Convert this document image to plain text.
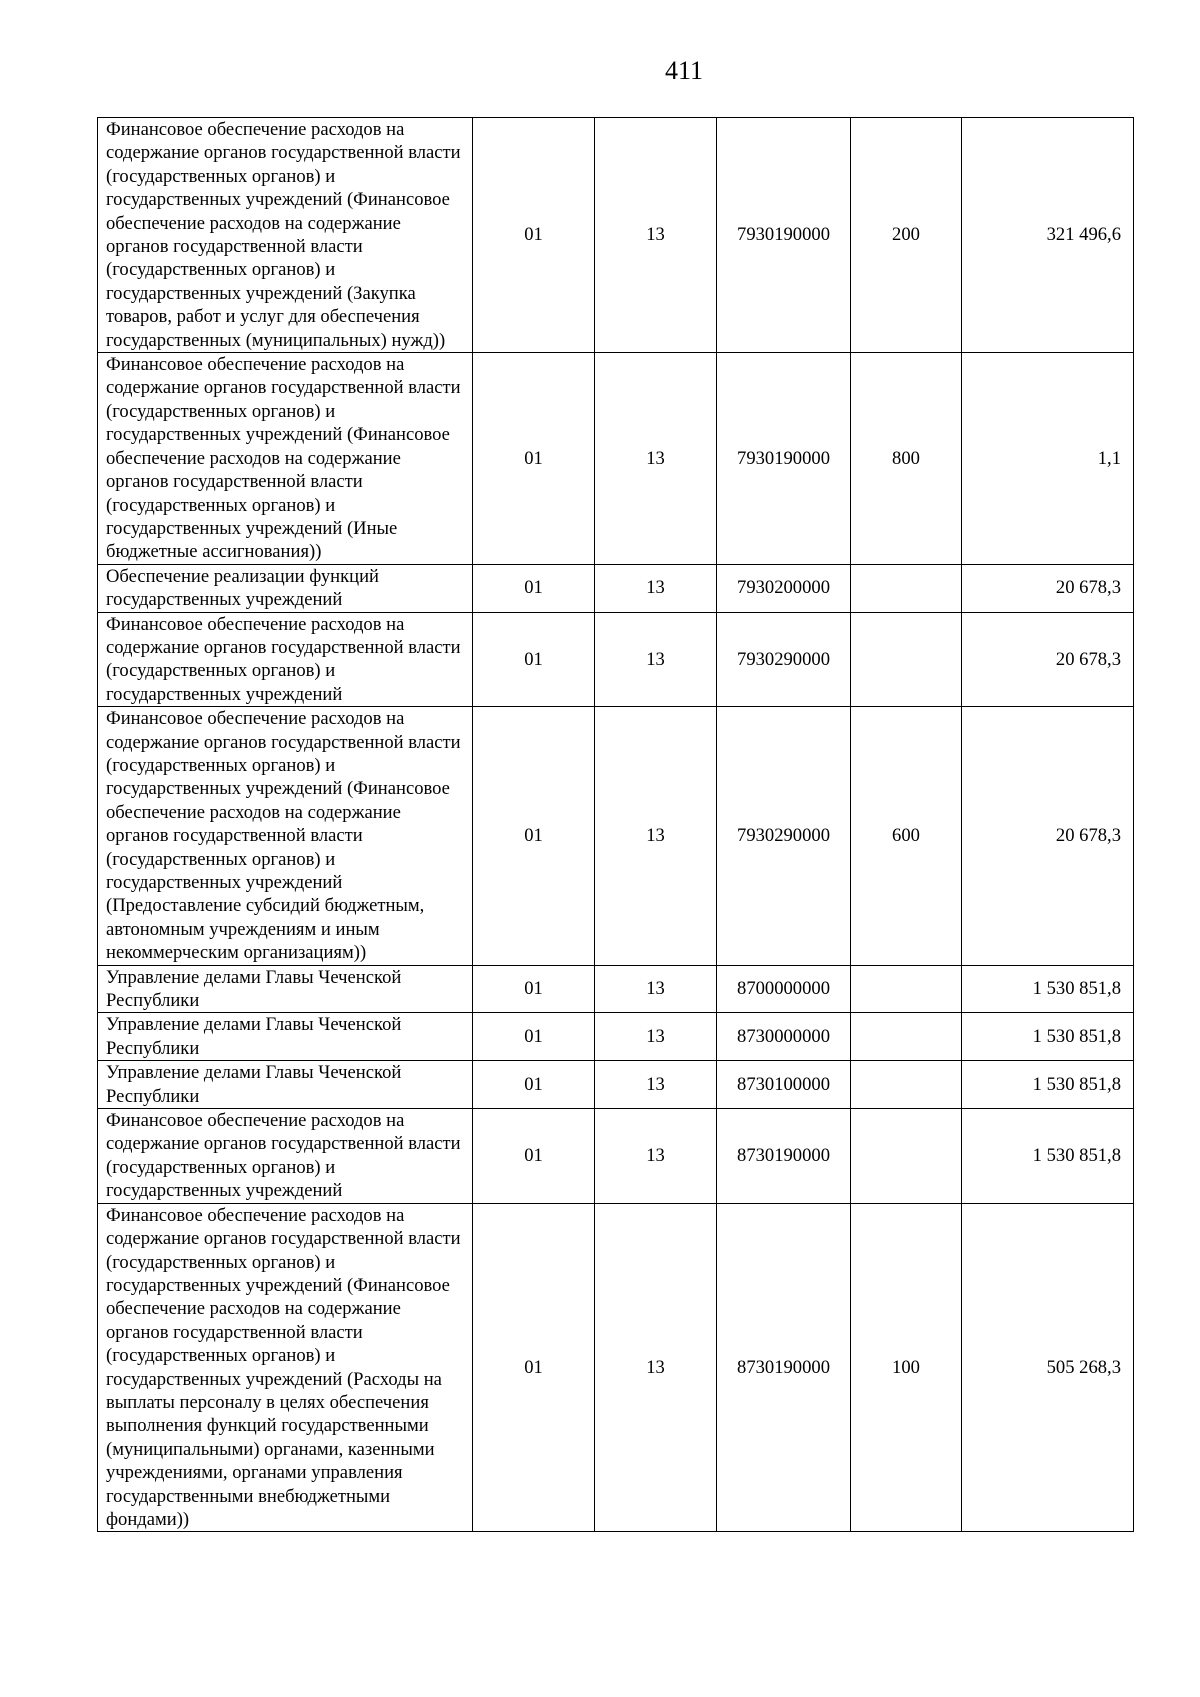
411
Финансовое обеспечение расходов на содержание органов государственной власти (государственных органов) и государственных учреждений (Финансовое обеспечение расходов на содержание органов государственной власти (государственных органов) и государственных учреждений (Закупка товаров, работ и услуг для обеспечения государственных (муниципальных) нужд))	01	13	7930190000	200	321 496,6
Финансовое обеспечение расходов на содержание органов государственной власти (государственных органов) и государственных учреждений (Финансовое обеспечение расходов на содержание органов государственной власти (государственных органов) и государственных учреждений (Иные бюджетные ассигнования))	01	13	7930190000	800	1,1
Обеспечение реализации функций государственных учреждений	01	13	7930200000		20 678,3
Финансовое обеспечение расходов на содержание органов государственной власти (государственных органов) и государственных учреждений	01	13	7930290000		20 678,3
Финансовое обеспечение расходов на содержание органов государственной власти (государственных органов) и государственных учреждений (Финансовое обеспечение расходов на содержание органов государственной власти (государственных органов) и государственных учреждений (Предоставление субсидий бюджетным, автономным учреждениям и иным некоммерческим организациям))	01	13	7930290000	600	20 678,3
Управление делами Главы Чеченской Республики	01	13	8700000000		1 530 851,8
Управление делами Главы Чеченской Республики	01	13	8730000000		1 530 851,8
Управление делами Главы Чеченской Республики	01	13	8730100000		1 530 851,8
Финансовое обеспечение расходов на содержание органов государственной власти (государственных органов) и государственных учреждений	01	13	8730190000		1 530 851,8
Финансовое обеспечение расходов на содержание органов государственной власти (государственных органов) и государственных учреждений (Финансовое обеспечение расходов на содержание органов государственной власти (государственных органов) и государственных учреждений (Расходы на выплаты персоналу в целях обеспечения выполнения функций государственными (муниципальными) органами, казенными учреждениями, органами управления государственными внебюджетными фондами))	01	13	8730190000	100	505 268,3
